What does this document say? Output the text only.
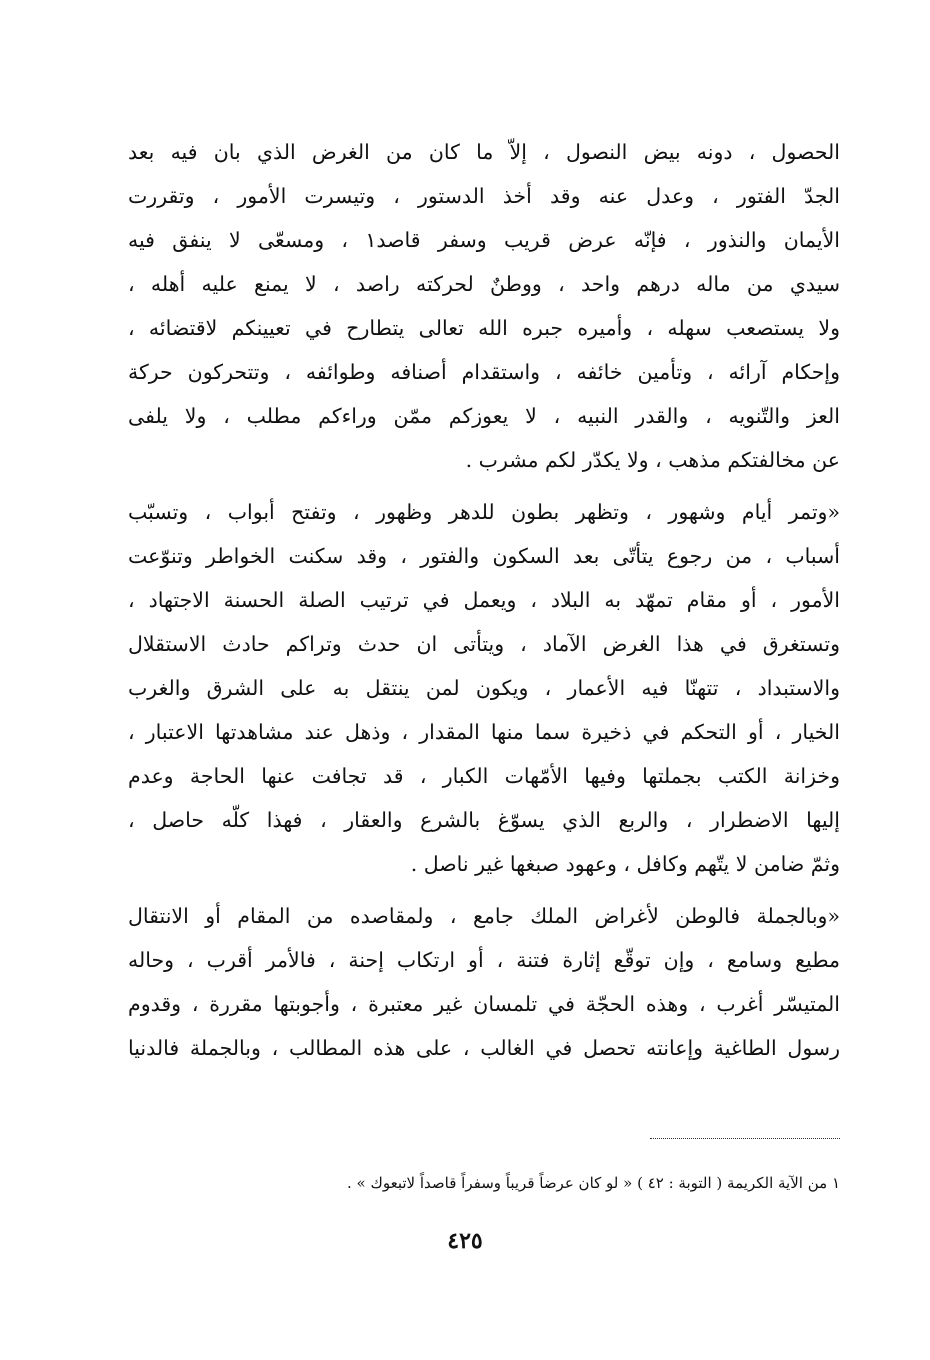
الحصول ، دونه بيض النصول ، إلاّ ما كان من الغرض الذي بان فيه بعد
الجدّ الفتور ، وعدل عنه وقد أخذ الدستور ، وتيسرت الأمور ، وتقررت
الأيمان والنذور ، فإنّه عرض قريب وسفر قاصد١ ، ومسعّى لا ينفق فيه
سيدي من ماله درهم واحد ، ووطنٌ لحركته راصد ، لا يمنع عليه أهله ،
ولا يستصعب سهله ، وأميره جبره الله تعالى يتطارح في تعيينكم لاقتضائه ،
وإحكام آرائه ، وتأمين خائفه ، واستقدام أصنافه وطوائفه ، وتتحركون حركة
العز والتّنويه ، والقدر النبيه ، لا يعوزكم ممّن وراءكم مطلب ، ولا يلفى
عن مخالفتكم مذهب ، ولا يكدّر لكم مشرب .
«وتمر أيام وشهور ، وتظهر بطون للدهر وظهور ، وتفتح أبواب ، وتسبّب
أسباب ، من رجوع يتأتّى بعد السكون والفتور ، وقد سكنت الخواطر وتنوّعت
الأمور ، أو مقام تمهّد به البلاد ، ويعمل في ترتيب الصلة الحسنة الاجتهاد ،
وتستغرق في هذا الغرض الآماد ، ويتأتى ان حدث وتراكم حادث الاستقلال
والاستبداد ، تتهنّا فيه الأعمار ، ويكون لمن ينتقل به على الشرق والغرب
الخيار ، أو التحكم في ذخيرة سما منها المقدار ، وذهل عند مشاهدتها الاعتبار ،
وخزانة الكتب بجملتها وفيها الأمّهات الكبار ، قد تجافت عنها الحاجة وعدم
إليها الاضطرار ، والربع الذي يسوّغ بالشرع والعقار ، فهذا كلّه حاصل ،
وثمّ ضامن لا يتّهم وكافل ، وعهود صبغها غير ناصل .
«وبالجملة فالوطن لأغراض الملك جامع ، ولمقاصده من المقام أو الانتقال
مطيع وسامع ، وإن توقّع إثارة فتنة ، أو ارتكاب إحنة ، فالأمر أقرب ، وحاله
المتيسّر أغرب ، وهذه الحجّة في تلمسان غير معتبرة ، وأجوبتها مقررة ، وقدوم
رسول الطاغية وإعانته تحصل في الغالب ، على هذه المطالب ، وبالجملة فالدنيا
١ من الآية الكريمة ( التوبة : ٤٢ ) « لو كان عرضاً قريباً وسفراً قاصداً لاتبعوك » .
٤٢٥
